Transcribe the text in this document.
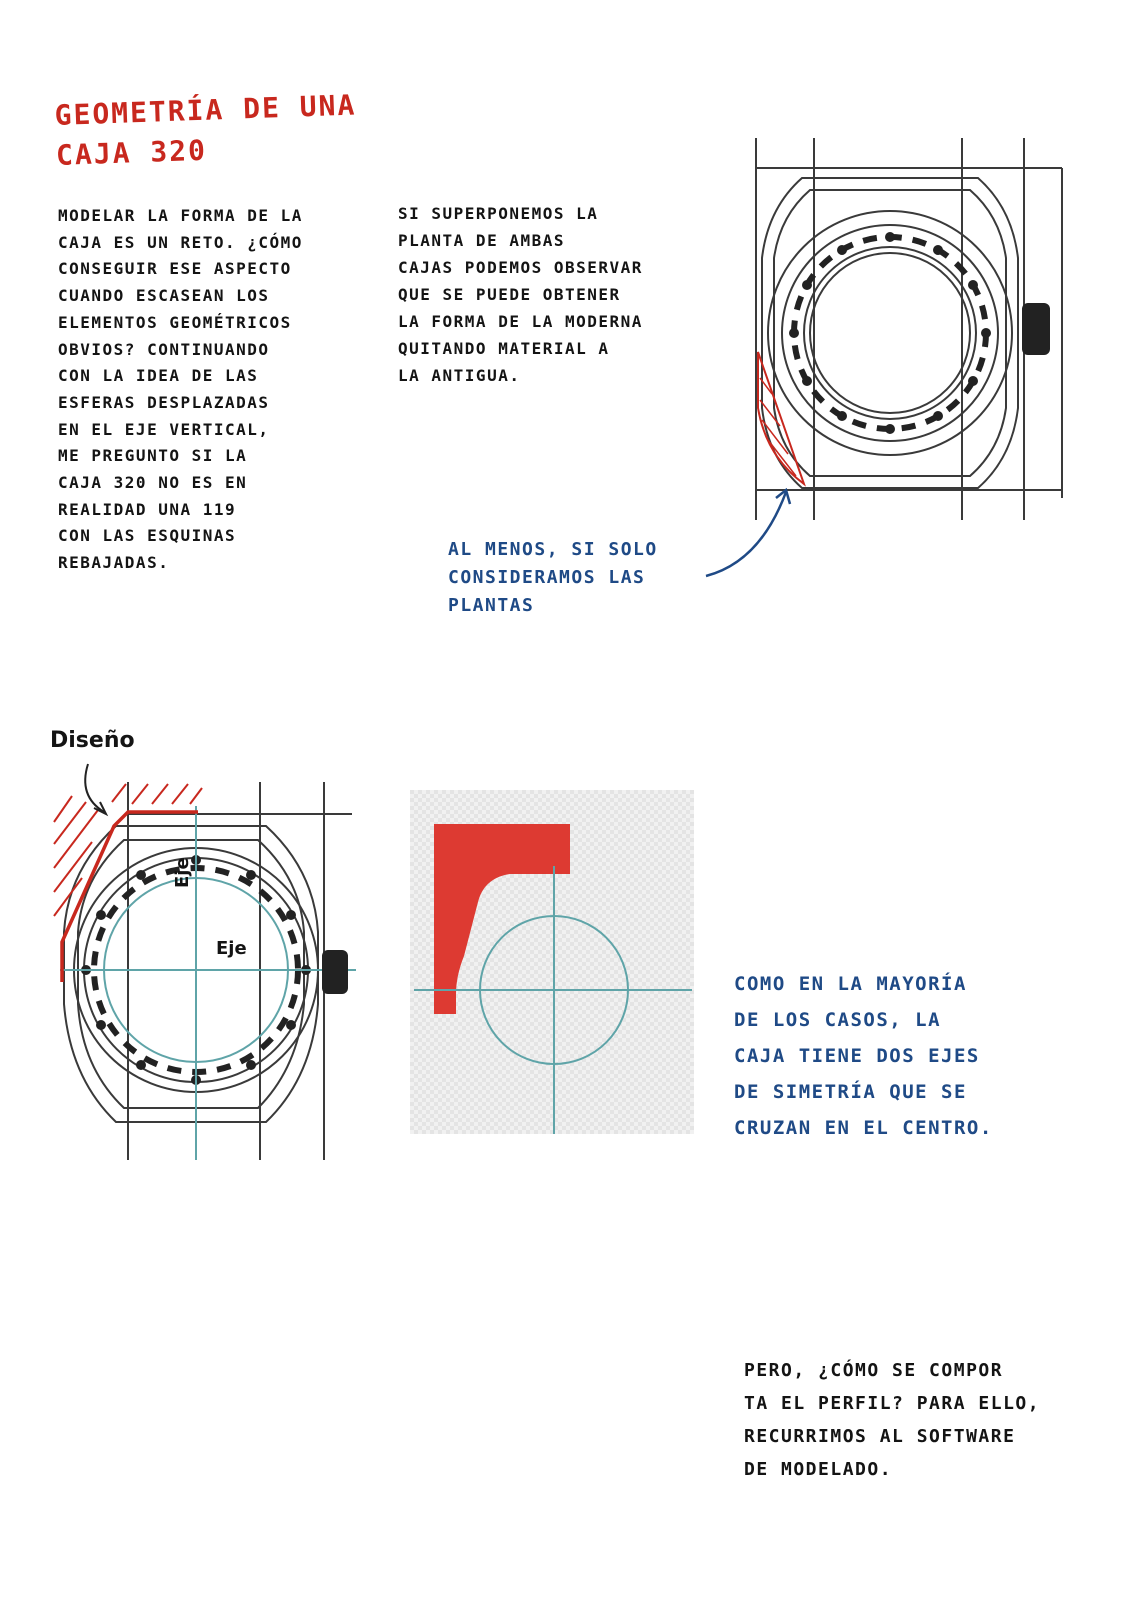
GEOMETRÍA DE UNA
CAJA 320
MODELAR LA FORMA DE LA
CAJA ES UN RETO. ¿CÓMO
CONSEGUIR ESE ASPECTO
CUANDO ESCASEAN LOS
ELEMENTOS GEOMÉTRICOS
OBVIOS? CONTINUANDO
CON LA IDEA DE LAS
ESFERAS DESPLAZADAS
EN EL EJE VERTICAL,
ME PREGUNTO SI LA
CAJA 320 NO ES EN
REALIDAD UNA 119
CON LAS ESQUINAS
REBAJADAS.
SI SUPERPONEMOS LA
PLANTA DE AMBAS
CAJAS PODEMOS OBSERVAR
QUE SE PUEDE OBTENER
LA FORMA DE LA MODERNA
QUITANDO MATERIAL A
LA ANTIGUA.
AL MENOS, SI SOLO
CONSIDERAMOS LAS
PLANTAS
Diseño
Eje
Eje
COMO EN LA MAYORÍA
DE LOS CASOS, LA
CAJA TIENE DOS EJES
DE SIMETRÍA QUE SE
CRUZAN EN EL CENTRO.
PERO, ¿CÓMO SE COMPOR
TA EL PERFIL? PARA ELLO,
RECURRIMOS AL SOFTWARE
DE MODELADO.
